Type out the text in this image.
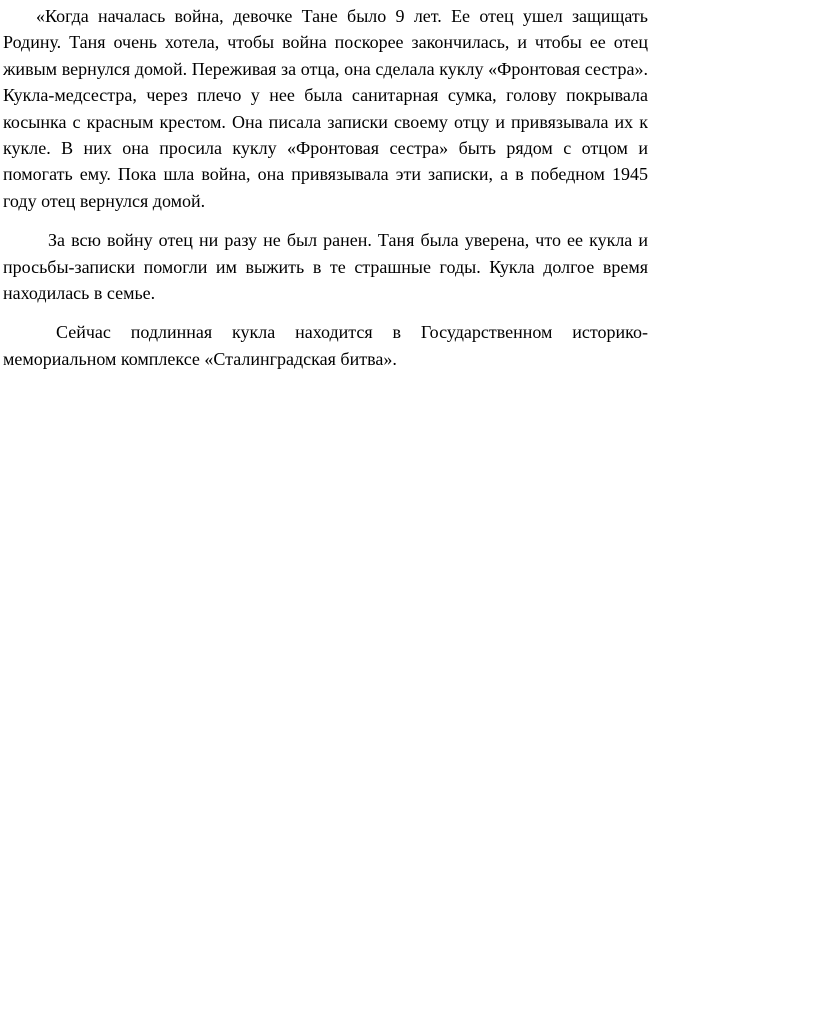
«Когда началась война, девочке Тане было 9 лет. Ее отец ушел защищать Родину. Таня очень хотела, чтобы война поскорее закончилась, и чтобы ее отец живым вернулся домой. Переживая за отца, она сделала куклу «Фронтовая сестра». Кукла-медсестра, через плечо у нее была санитарная сумка, голову покрывала косынка с красным крестом. Она писала записки своему отцу и привязывала их к кукле. В них она просила куклу «Фронтовая сестра» быть рядом с отцом и помогать ему. Пока шла война, она привязывала эти записки, а в победном 1945 году отец вернулся домой.

За всю войну отец ни разу не был ранен. Таня была уверена, что ее кукла и просьбы-записки помогли им выжить в те страшные годы. Кукла долгое время находилась в семье.

Сейчас подлинная кукла находится в Государственном историко-мемориальном комплексе «Сталинградская битва».
